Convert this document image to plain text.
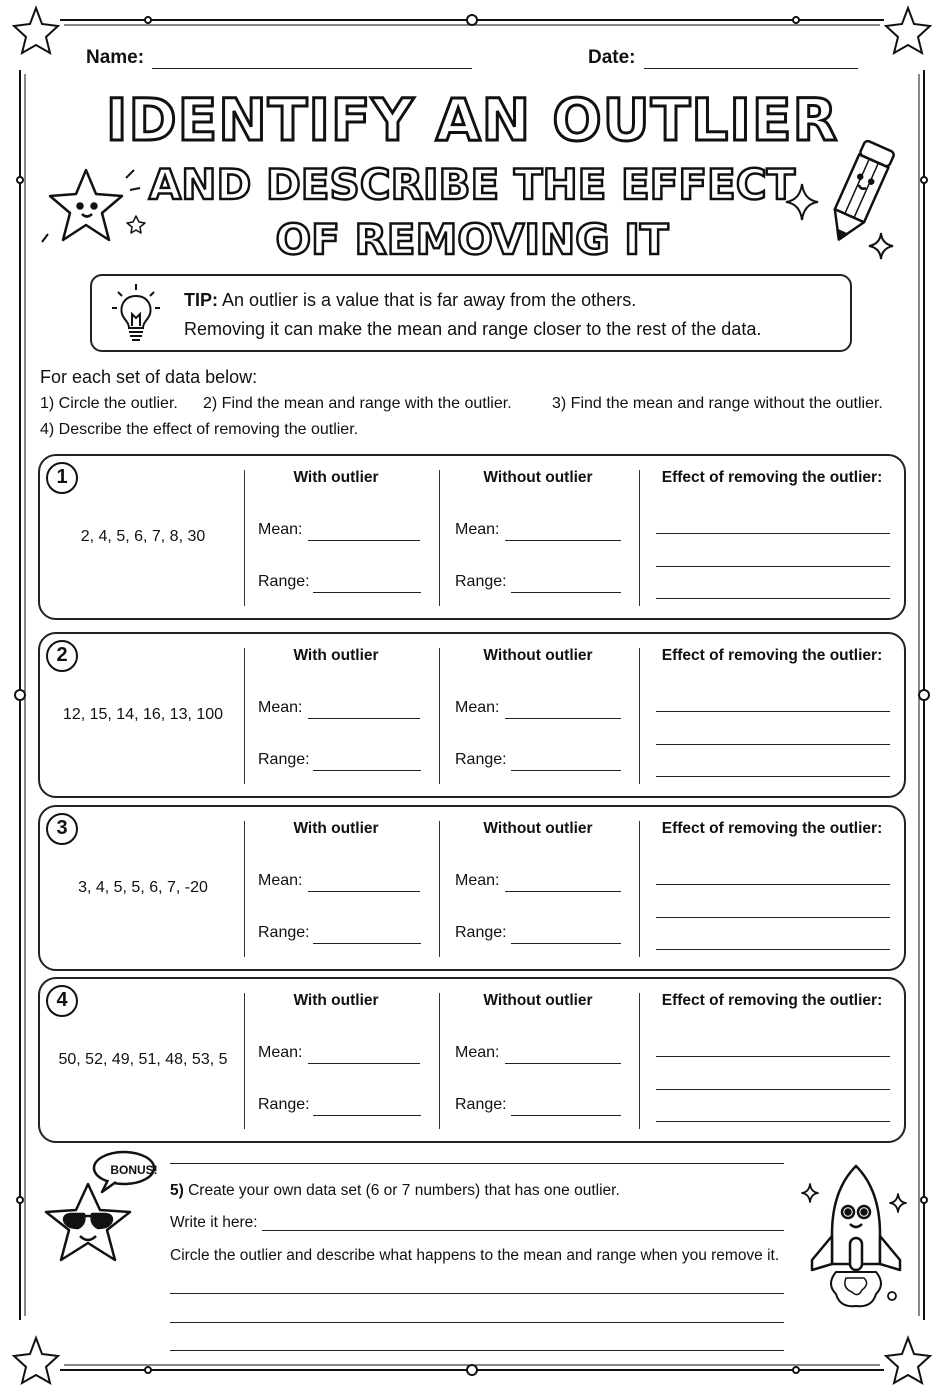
Name:	Date:
IDENTIFY AN OUTLIER
AND DESCRIBE THE EFFECT
OF REMOVING IT
TIP: An outlier is a value that is far away from the others.
Removing it can make the mean and range closer to the rest of the data.
For each set of data below:
1) Circle the outlier. 2) Find the mean and range with the outlier.	3) Find the mean and range without the outlier.
4) Describe the effect of removing the outlier.
1
2, 4, 5, 6, 7, 8, 30
With outlier	Without outlier	Effect of removing the outlier:
Mean:
Range:
Mean:
Range:
2
12, 15, 14, 16, 13, 100
With outlier	Without outlier	Effect of removing the outlier:
Mean:
Range:
Mean:
Range:
3
3, 4, 5, 5, 6, 7, -20
With outlier	Without outlier	Effect of removing the outlier:
Mean:
Range:
Mean:
Range:
4
50, 52, 49, 51, 48, 53, 5
With outlier	Without outlier	Effect of removing the outlier:
Mean:
Range:
Mean:
Range:
BONUS!
5) Create your own data set (6 or 7 numbers) that has one outlier.
Write it here:
Circle the outlier and describe what happens to the mean and range when you remove it.
